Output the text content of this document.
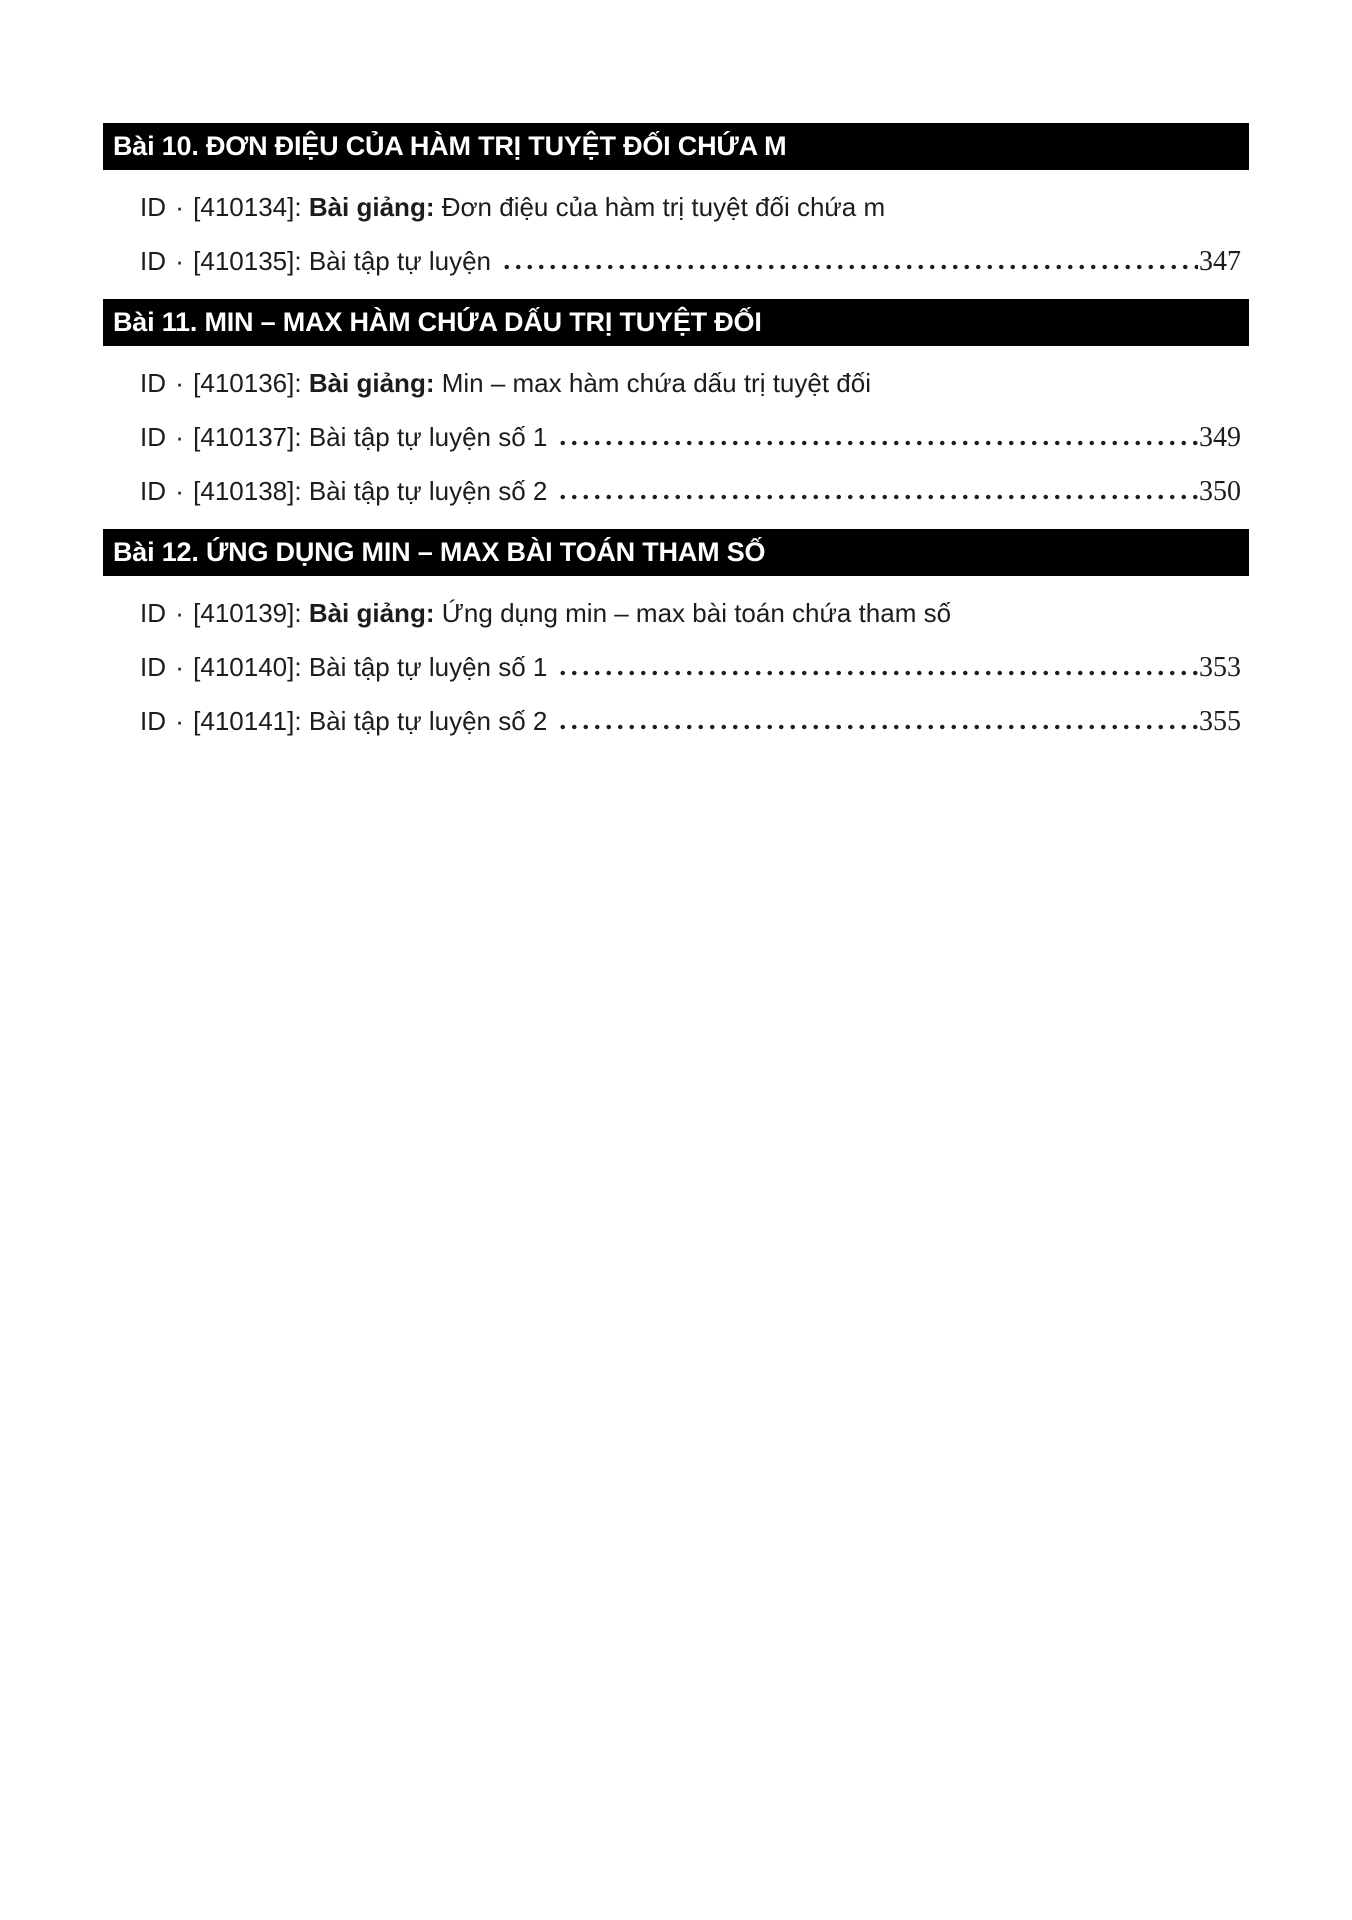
Bài 10. ĐƠN ĐIỆU CỦA HÀM TRỊ TUYỆT ĐỐI CHỨA M
ID · [410134]: Bài giảng: Đơn điệu của hàm trị tuyệt đối chứa m
ID · [410135]: Bài tập tự luyện	347
Bài 11. MIN – MAX HÀM CHỨA DẤU TRỊ TUYỆT ĐỐI
ID · [410136]: Bài giảng: Min – max hàm chứa dấu trị tuyệt đối
ID · [410137]: Bài tập tự luyện số 1	349
ID · [410138]: Bài tập tự luyện số 2	350
Bài 12. ỨNG DỤNG MIN – MAX BÀI TOÁN THAM SỐ
ID · [410139]: Bài giảng: Ứng dụng min – max bài toán chứa tham số
ID · [410140]: Bài tập tự luyện số 1	353
ID · [410141]: Bài tập tự luyện số 2	355
